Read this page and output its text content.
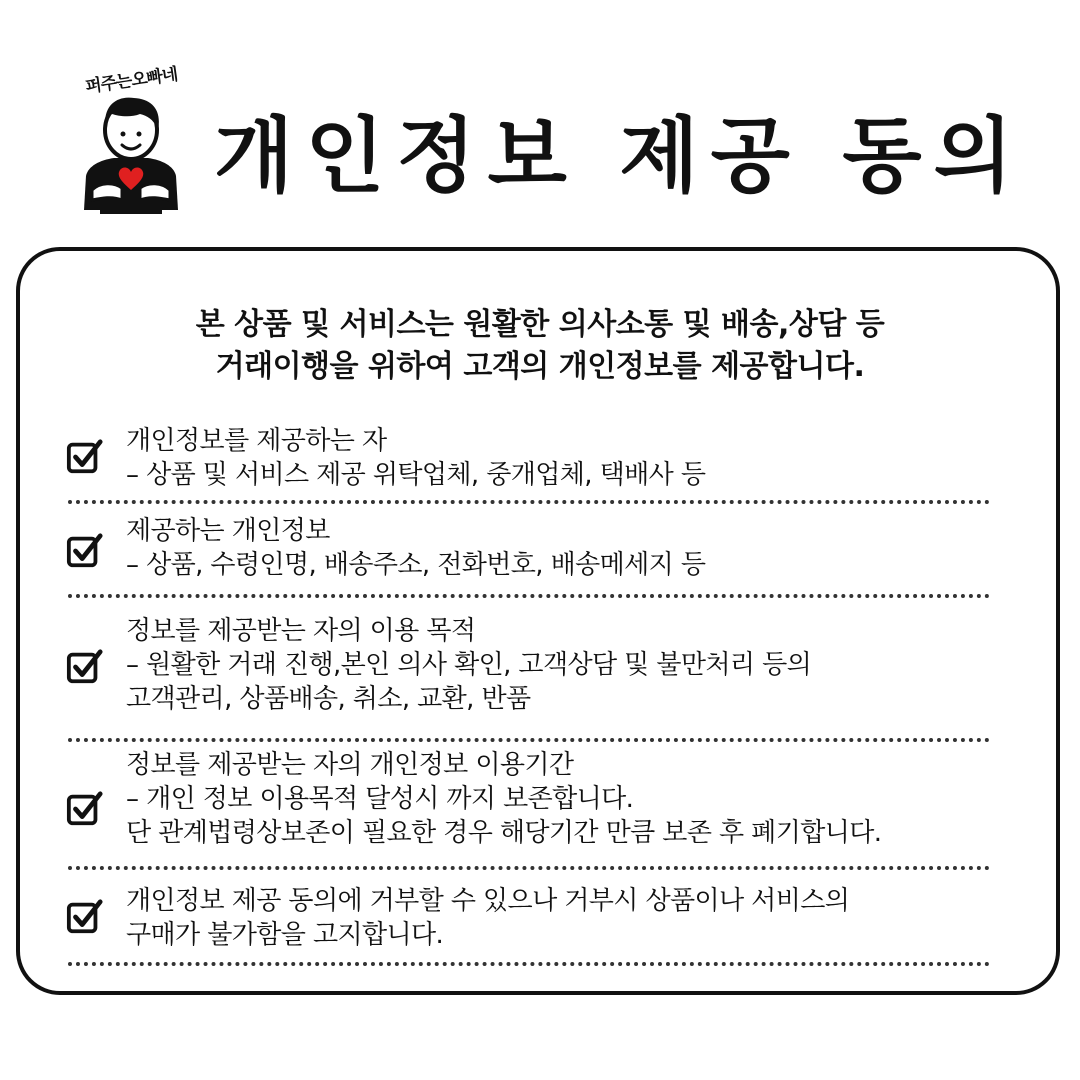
퍼주는오빠네
개인정보 제공 동의
본 상품 및 서비스는 원활한 의사소통 및 배송,상담 등
거래이행을 위하여 고객의 개인정보를 제공합니다.
개인정보를 제공하는 자
– 상품 및 서비스 제공 위탁업체, 중개업체, 택배사 등
제공하는 개인정보
– 상품, 수령인명, 배송주소, 전화번호, 배송메세지 등
정보를 제공받는 자의 이용 목적
– 원활한 거래 진행,본인 의사 확인, 고객상담 및 불만처리 등의
고객관리, 상품배송, 취소, 교환, 반품
정보를 제공받는 자의 개인정보 이용기간
– 개인 정보 이용목적 달성시 까지 보존합니다.
단 관계법령상보존이 필요한 경우 해당기간 만큼 보존 후 폐기합니다.
개인정보 제공 동의에 거부할 수 있으나 거부시 상품이나 서비스의
구매가 불가함을 고지합니다.
